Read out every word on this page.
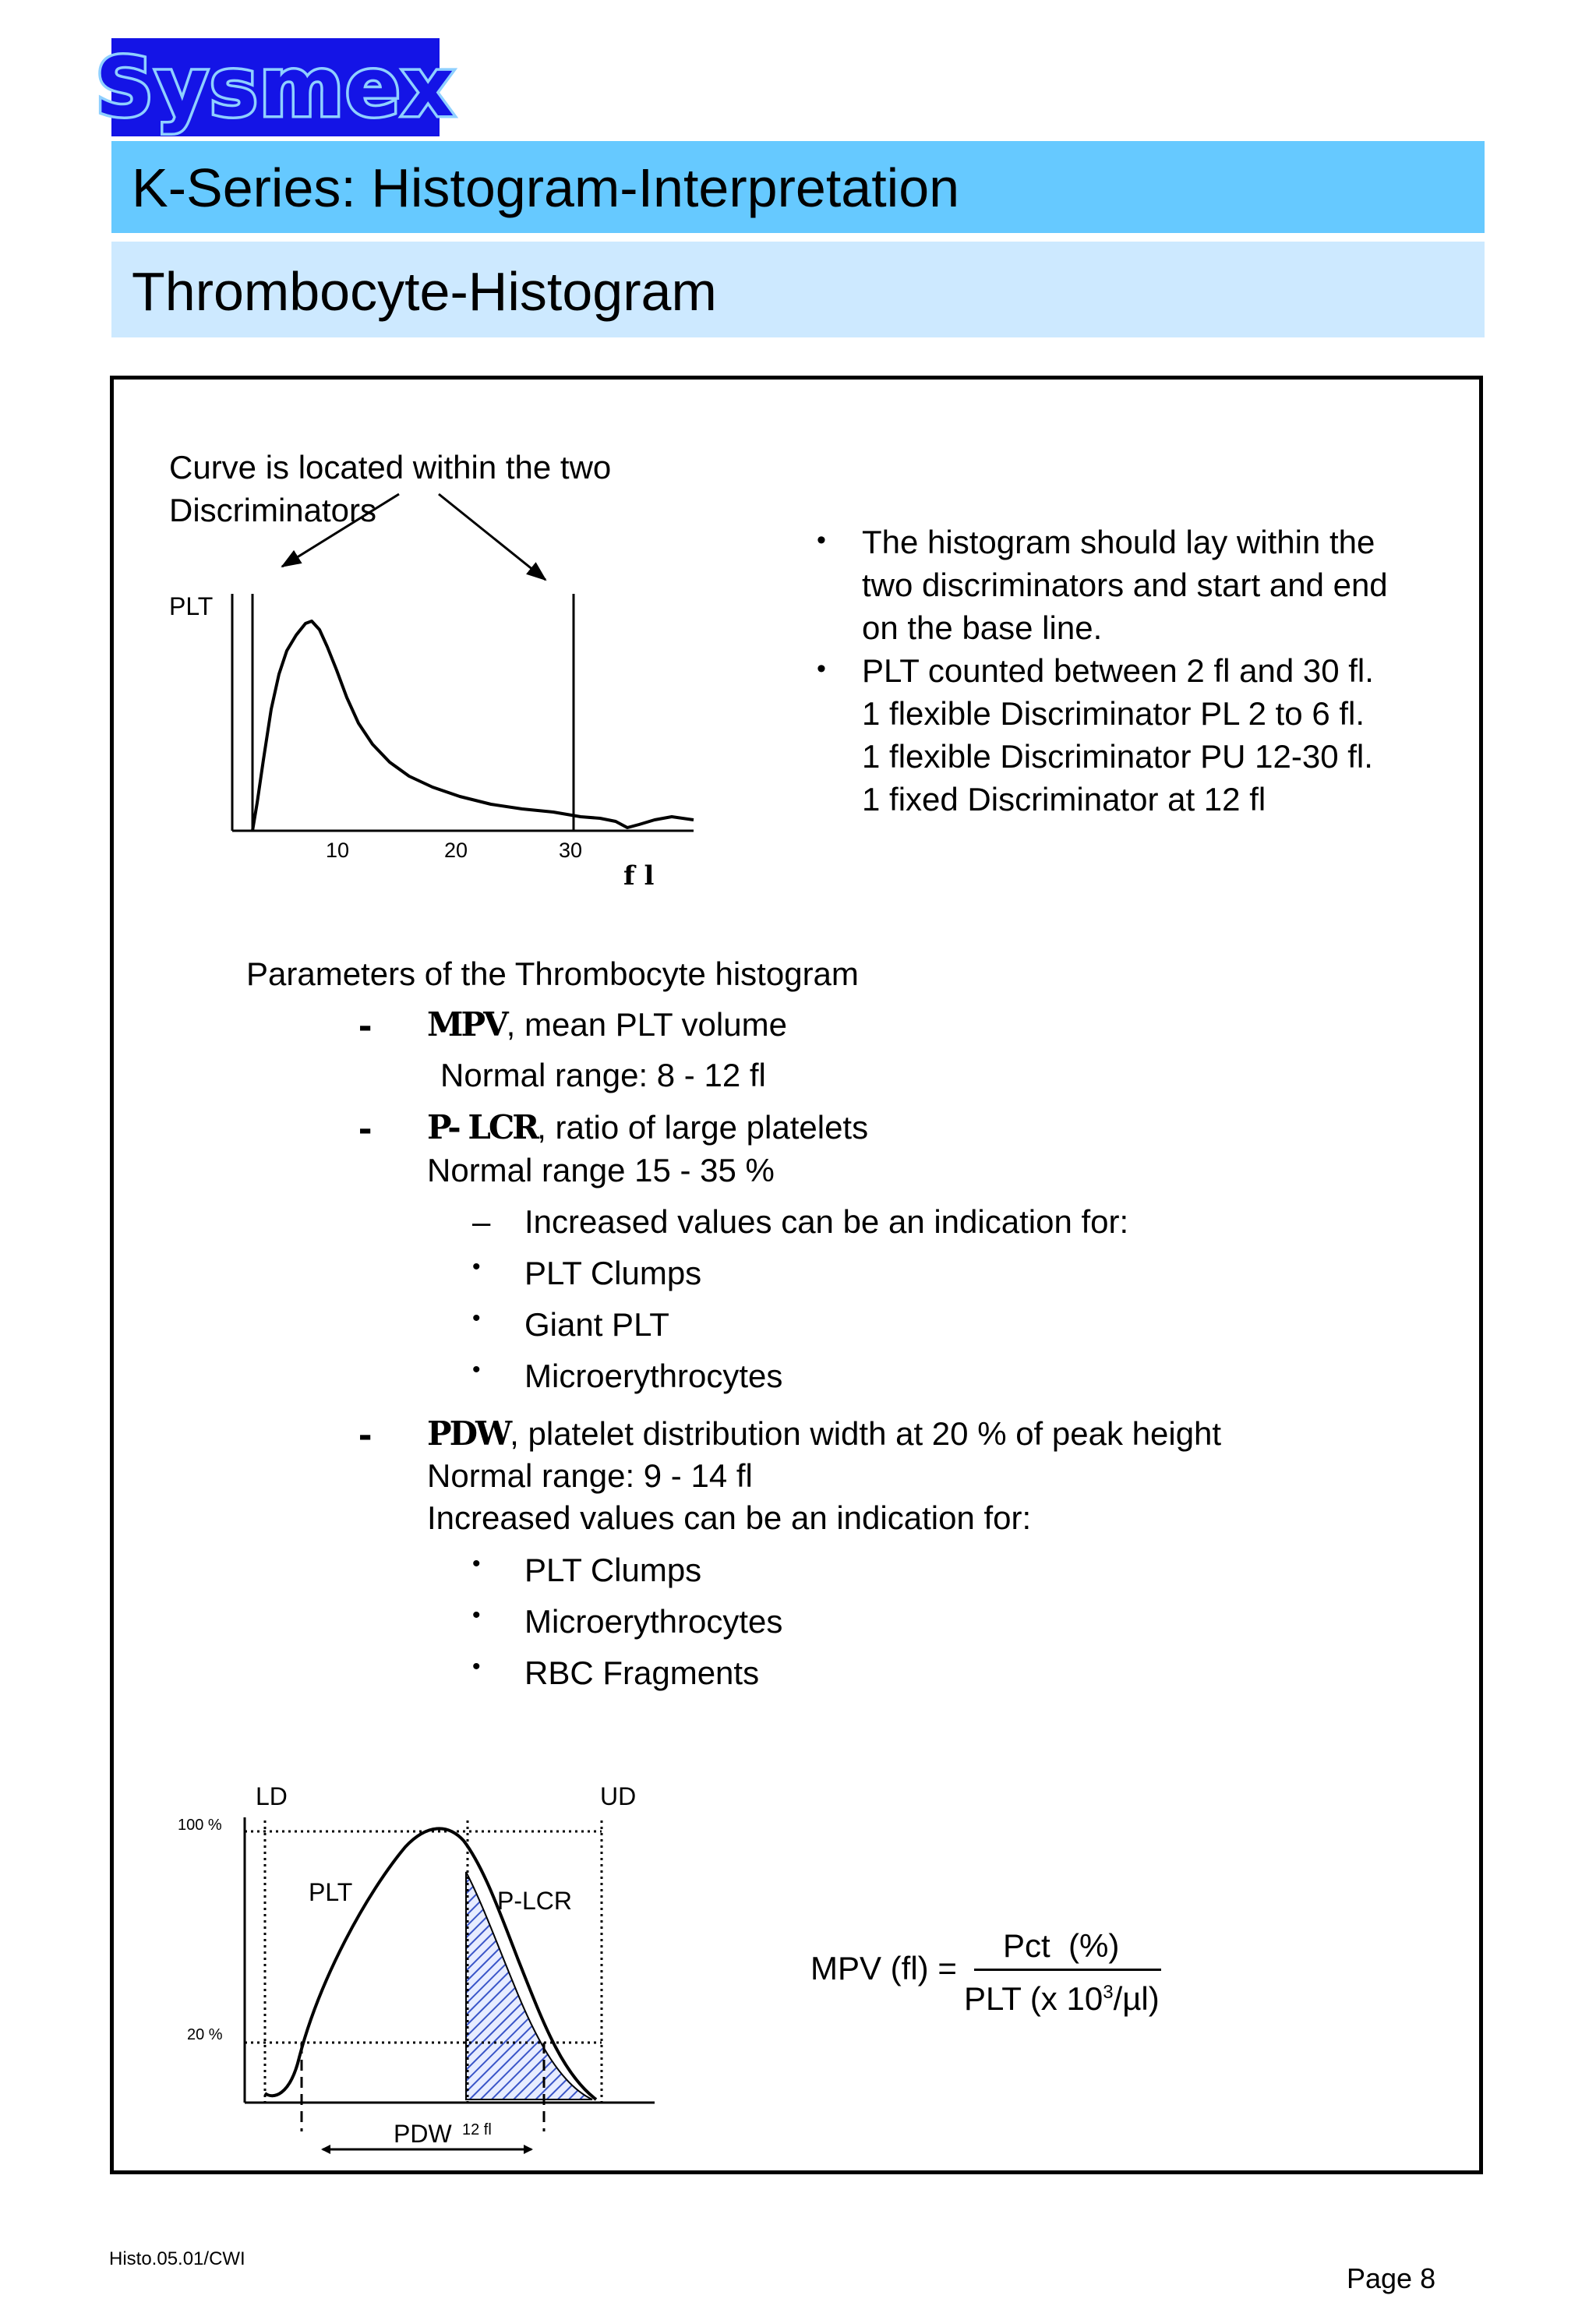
Sysmex
K-Series: Histogram-Interpretation
Thrombocyte-Histogram
Curve is located within the two
Discriminators
PLT
10	20	30
f l
• The histogram should lay within the
two discriminators and start and end
on the base line.
• PLT counted between 2 fl and 30 fl.
1 flexible Discriminator PL 2 to 6 fl.
1 flexible Discriminator PU 12-30 fl.
1 fixed Discriminator at 12 fl
Parameters of the Thrombocyte histogram
- MPV, mean PLT volume
Normal range: 8 - 12 fl
- P- LCR, ratio of large platelets
Normal range 15 - 35 %
– Increased values can be an indication for:
• PLT Clumps
• Giant PLT
• Microerythrocytes
- PDW, platelet distribution width at 20 % of peak height
Normal range: 9 - 14 fl
Increased values can be an indication for:
• PLT Clumps
• Microerythrocytes
• RBC Fragments
LD	UD
100 %
20 %
PLT	P-LCR
PDW 12 fl
MPV (fl) =
Pct  (%)
PLT (x $10^3/\mu l$)
Histo.05.01/CWI
Page 8
